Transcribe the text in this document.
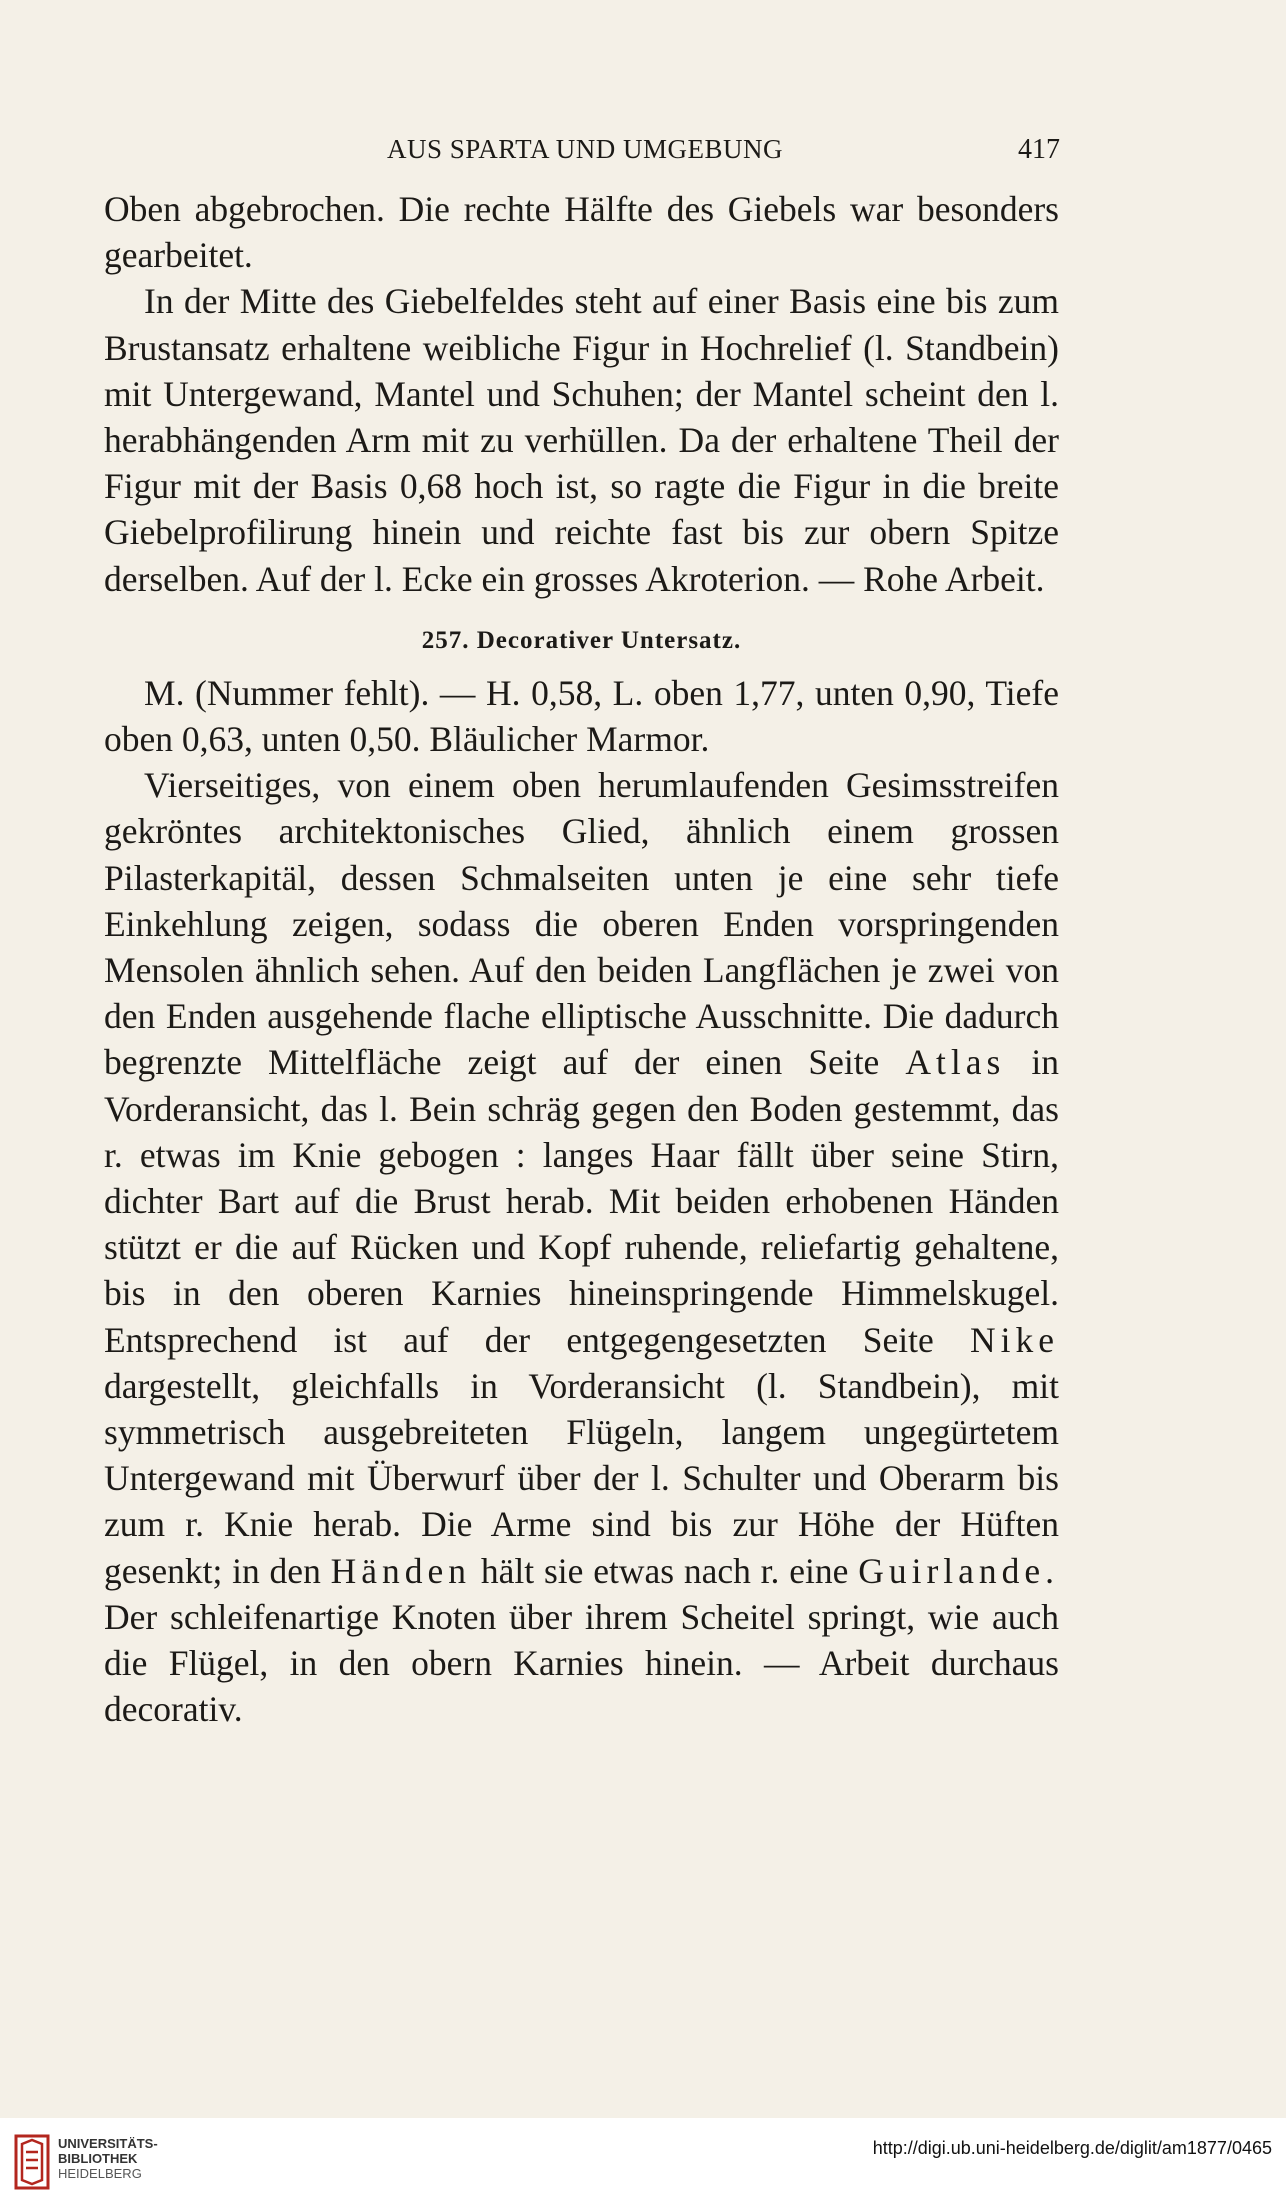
AUS SPARTA UND UMGEBUNG	417

Oben abgebrochen. Die rechte Hälfte des Giebels war besonders gearbeitet.

In der Mitte des Giebelfeldes steht auf einer Basis eine bis zum Brustansatz erhaltene weibliche Figur in Hochrelief (l. Standbein) mit Untergewand, Mantel und Schuhen; der Mantel scheint den l. herabhängenden Arm mit zu verhüllen. Da der erhaltene Theil der Figur mit der Basis 0,68 hoch ist, so ragte die Figur in die breite Giebelprofilirung hinein und reichte fast bis zur obern Spitze derselben. Auf der l. Ecke ein grosses Akroterion. — Rohe Arbeit.

257. Decorativer Untersatz.

M. (Nummer fehlt). — H. 0,58, L. oben 1,77, unten 0,90, Tiefe oben 0,63, unten 0,50. Bläulicher Marmor.

Vierseitiges, von einem oben herumlaufenden Gesimsstreifen gekröntes architektonisches Glied, ähnlich einem grossen Pilasterkapitäl, dessen Schmalseiten unten je eine sehr tiefe Einkehlung zeigen, sodass die oberen Enden vorspringenden Mensolen ähnlich sehen. Auf den beiden Langflächen je zwei von den Enden ausgehende flache elliptische Ausschnitte. Die dadurch begrenzte Mittelfläche zeigt auf der einen Seite Atlas in Vorderansicht, das l. Bein schräg gegen den Boden gestemmt, das r. etwas im Knie gebogen : langes Haar fällt über seine Stirn, dichter Bart auf die Brust herab. Mit beiden erhobenen Händen stützt er die auf Rücken und Kopf ruhende, reliefartig gehaltene, bis in den oberen Karnies hineinspringende Himmelskugel. Entsprechend ist auf der entgegengesetzten Seite Nike dargestellt, gleichfalls in Vorderansicht (l. Standbein), mit symmetrisch ausgebreiteten Flügeln, langem ungegürtetem Untergewand mit Überwurf über der l. Schulter und Oberarm bis zum r. Knie herab. Die Arme sind bis zur Höhe der Hüften gesenkt; in den Händen hält sie etwas nach r. eine Guirlande. Der schleifenartige Knoten über ihrem Scheitel springt, wie auch die Flügel, in den obern Karnies hinein. — Arbeit durchaus decorativ.

UNIVERSITÄTS-
BIBLIOTHEK
HEIDELBERG
http://digi.ub.uni-heidelberg.de/diglit/am1877/0465
